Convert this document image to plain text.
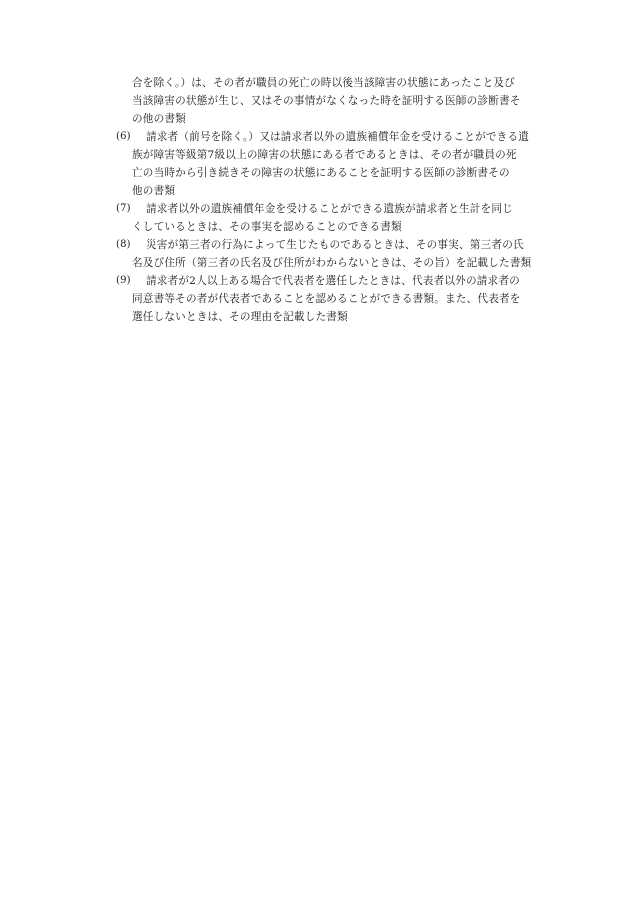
合を除く。）は、その者が職員の死亡の時以後当該障害の状態にあったこと及び
当該障害の状態が生じ、又はその事情がなくなった時を証明する医師の診断書そ
の他の書類
(6)	請求者（前号を除く。）又は請求者以外の遺族補償年金を受けることができる遺
族が障害等級第7級以上の障害の状態にある者であるときは、その者が職員の死
亡の当時から引き続きその障害の状態にあることを証明する医師の診断書その
他の書類
(7)	請求者以外の遺族補償年金を受けることができる遺族が請求者と生計を同じ
くしているときは、その事実を認めることのできる書類
(8)	災害が第三者の行為によって生じたものであるときは、その事実、第三者の氏
名及び住所（第三者の氏名及び住所がわからないときは、その旨）を記載した書類
(9)	請求者が2人以上ある場合で代表者を選任したときは、代表者以外の請求者の
同意書等その者が代表者であることを認めることができる書類。また、代表者を
選任しないときは、その理由を記載した書類
